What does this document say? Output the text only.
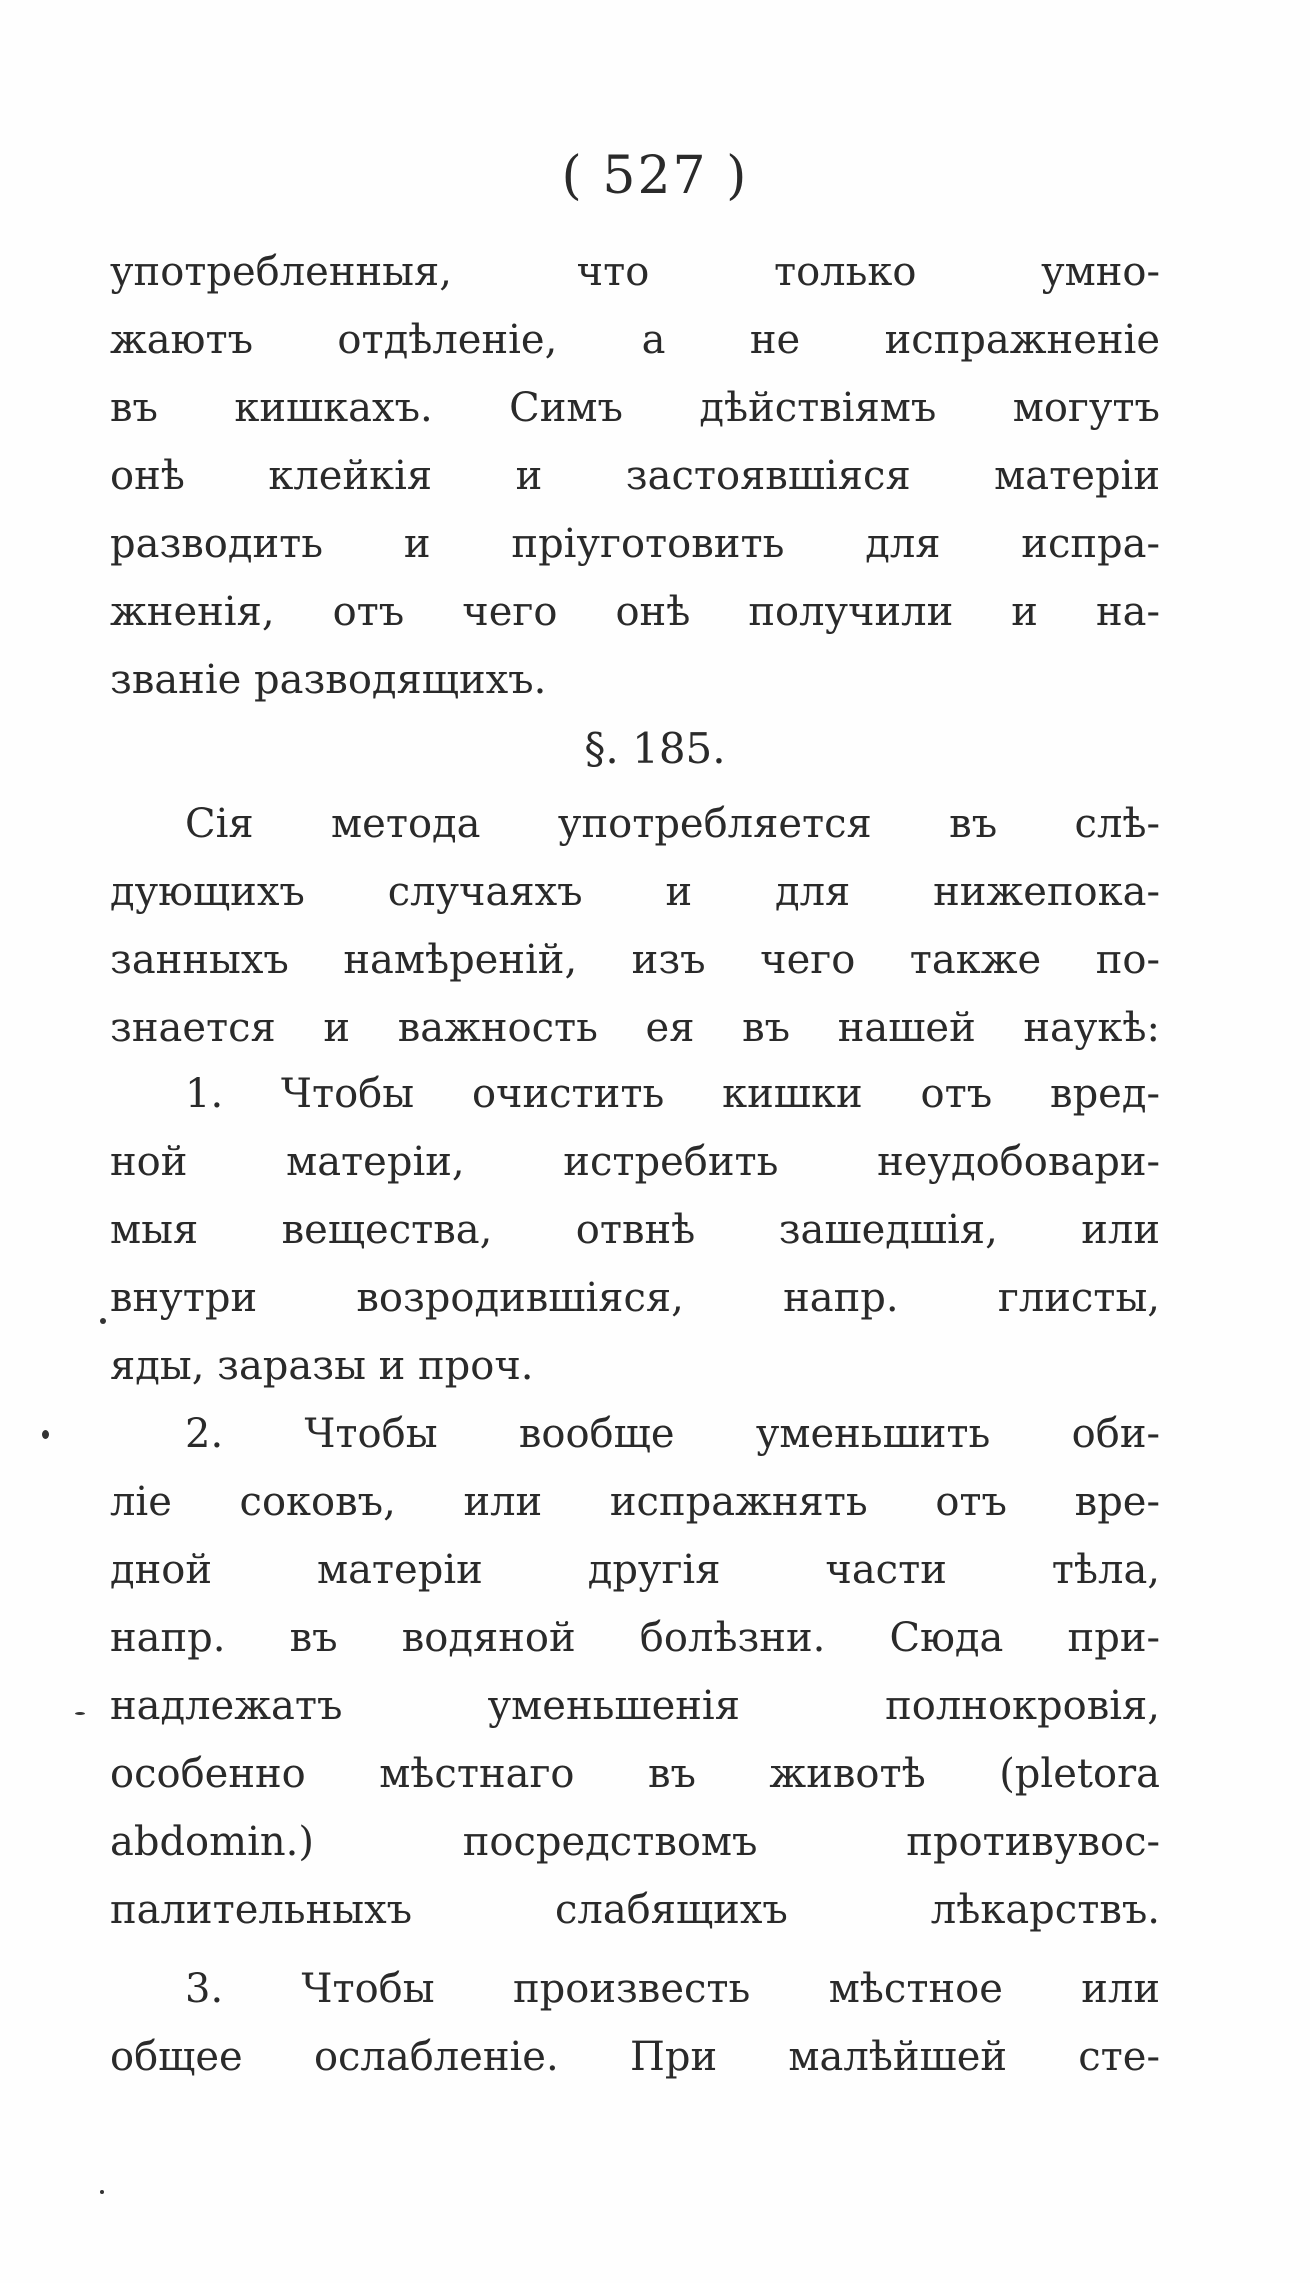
( 527 )
употребленныя, что только умно-
жаютъ отдѣленіе, а не испражненіе
въ кишкахъ. Симъ дѣйствіямъ могутъ
онѣ клейкія и застоявшіяся матеріи
разводить и пріуготовить для испра-
жненія, отъ чего онѣ получили и на-
званіе разводящихъ.
§. 185.
Сія метода употребляется въ слѣ-
дующихъ случаяхъ и для нижепока-
занныхъ намѣреній, изъ чего также по-
знается и важность ея въ нашей наукѣ:
1. Чтобы очистить кишки отъ вред-
ной матеріи, истребить неудобовари-
мыя вещества, отвнѣ зашедшія, или
внутри возродившіяся, напр. глисты,
яды, заразы и проч.
2. Чтобы вообще уменьшить оби-
ліе соковъ, или испражнять отъ вре-
дной матеріи другія части тѣла,
напр. въ водяной болѣзни. Сюда при-
надлежатъ уменьшенія полнокровія,
особенно мѣстнаго въ животѣ (pletora
abdomin.) посредствомъ противувос-
палительныхъ слабящихъ лѣкарствъ.
3. Чтобы произвесть мѣстное или
общее ослабленіе. При малѣйшей сте-
